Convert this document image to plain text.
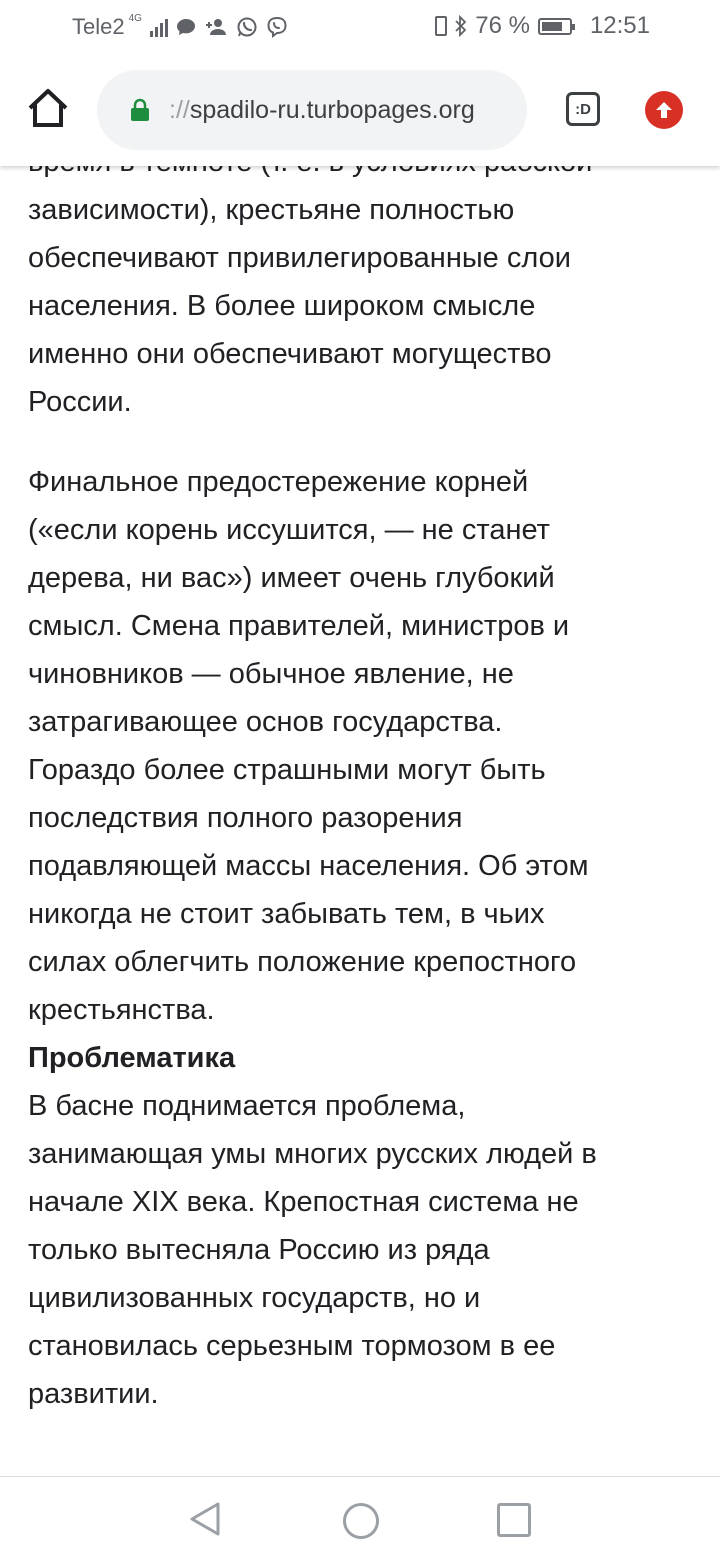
Tele2 4G	76 %	12:51
://spadilo-ru.turbopages.org	:D

зависимости), крестьяне полностью
обеспечивают привилегированные слои
населения. В более широком смысле
именно они обеспечивают могущество
России.

Финальное предостережение корней
(«если корень иссушится, — не станет
дерева, ни вас») имеет очень глубокий
смысл. Смена правителей, министров и
чиновников — обычное явление, не
затрагивающее основ государства.
Гораздо более страшными могут быть
последствия полного разорения
подавляющей массы населения. Об этом
никогда не стоит забывать тем, в чьих
силах облегчить положение крепостного
крестьянства.

Проблематика

В басне поднимается проблема,
занимающая умы многих русских людей в
начале XIX века. Крепостная система не
только вытесняла Россию из ряда
цивилизованных государств, но и
становилась серьезным тормозом в ее
развитии.
